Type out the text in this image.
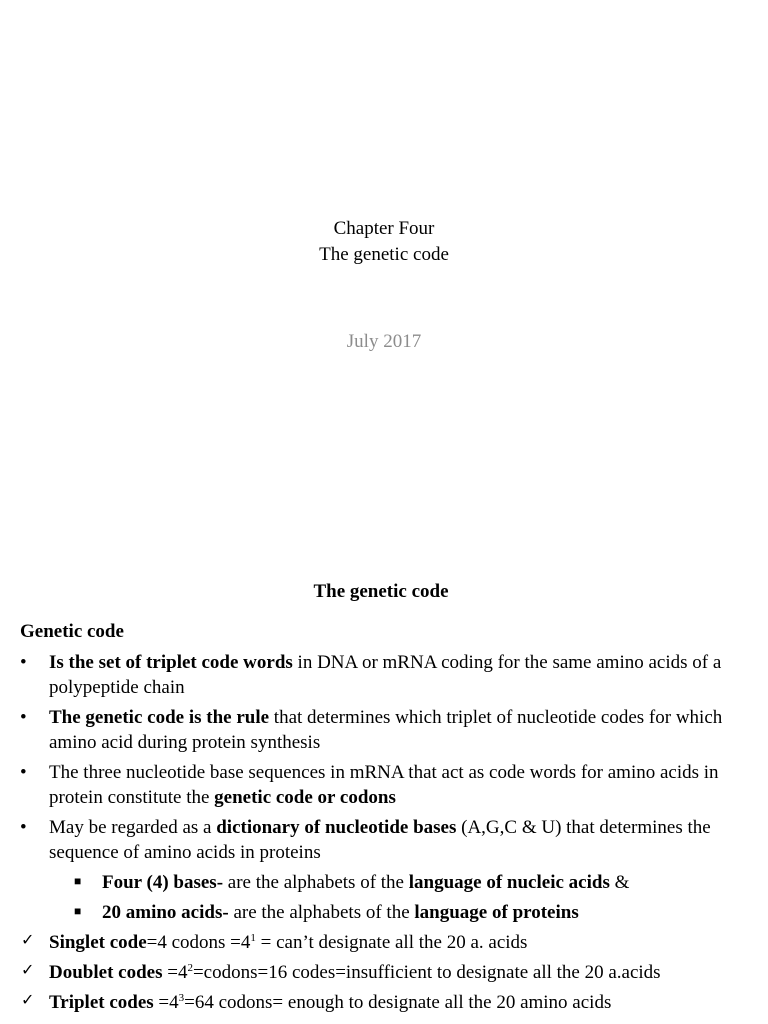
Chapter Four
The genetic code
July 2017
The genetic code
Genetic code
• Is the set of triplet code words in DNA or mRNA coding for the same amino acids of a polypeptide chain
• The genetic code is the rule that determines which triplet of nucleotide codes for which amino acid during protein synthesis
• The three nucleotide base sequences in mRNA that act as code words for amino acids in protein constitute the genetic code or codons
• May be regarded as a dictionary of nucleotide bases (A,G,C & U) that determines the sequence of amino acids in proteins
■ Four (4) bases- are the alphabets of the language of nucleic acids &
■ 20 amino acids- are the alphabets of the language of proteins
✓ Singlet code=4 codons $=4^1$ = can’t designate all the 20 a. acids
✓ Doublet codes $=4^2=codons=16$ codes=insufficient to designate all the 20 a.acids
✓ Triplet codes $=4^3=64$ codons= enough to designate all the 20 amino acids
